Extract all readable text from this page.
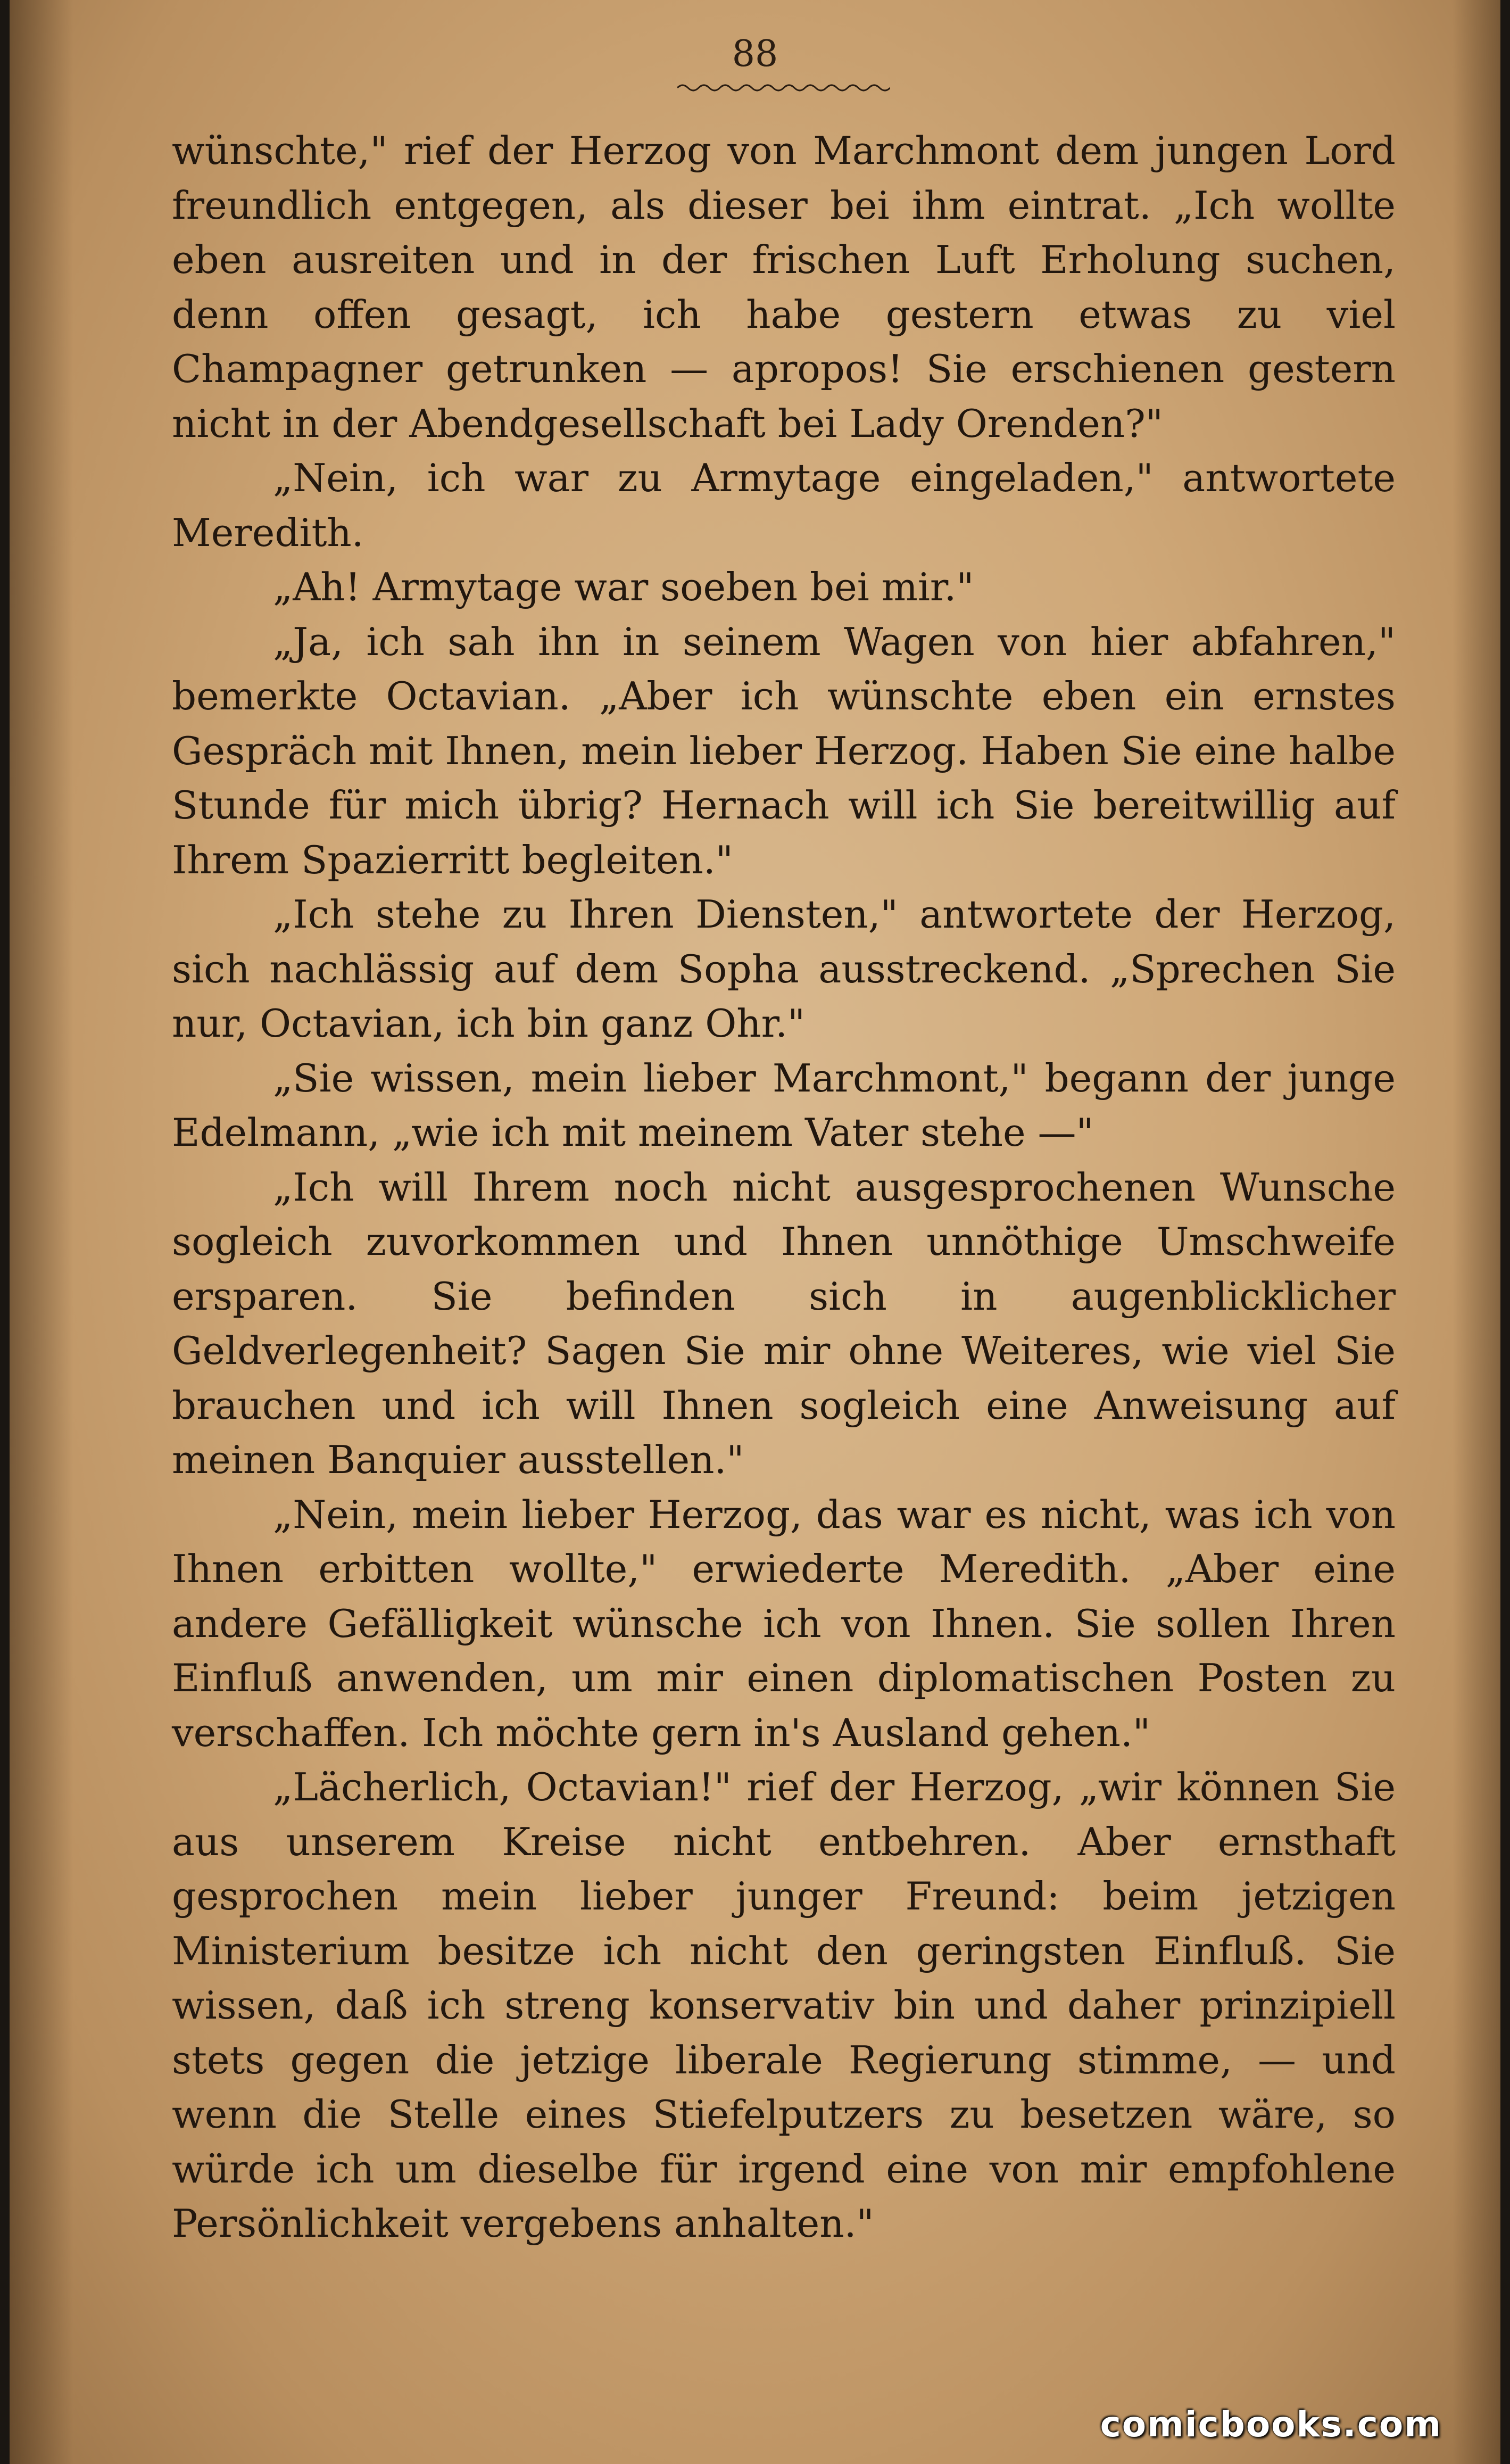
88

wünschte," rief der Herzog von Marchmont dem jungen Lord freundlich entgegen, als dieser bei ihm eintrat. „Ich wollte eben ausreiten und in der frischen Luft Erholung suchen, denn offen gesagt, ich habe gestern etwas zu viel Champagner getrunken — apropos! Sie erschienen gestern nicht in der Abendgesellschaft bei Lady Orenden?"

„Nein, ich war zu Armytage eingeladen," antwortete Meredith.

„Ah! Armytage war soeben bei mir."

„Ja, ich sah ihn in seinem Wagen von hier abfahren," bemerkte Octavian. „Aber ich wünschte eben ein ernstes Gespräch mit Ihnen, mein lieber Herzog. Haben Sie eine halbe Stunde für mich übrig? Hernach will ich Sie bereitwillig auf Ihrem Spazierritt begleiten."

„Ich stehe zu Ihren Diensten," antwortete der Herzog, sich nachlässig auf dem Sopha ausstreckend. „Sprechen Sie nur, Octavian, ich bin ganz Ohr."

„Sie wissen, mein lieber Marchmont," begann der junge Edelmann, „wie ich mit meinem Vater stehe —"

„Ich will Ihrem noch nicht ausgesprochenen Wunsche sogleich zuvorkommen und Ihnen unnöthige Umschweife ersparen. Sie befinden sich in augenblicklicher Geldverlegenheit? Sagen Sie mir ohne Weiteres, wie viel Sie brauchen und ich will Ihnen sogleich eine Anweisung auf meinen Banquier ausstellen."

„Nein, mein lieber Herzog, das war es nicht, was ich von Ihnen erbitten wollte," erwiederte Meredith. „Aber eine andere Gefälligkeit wünsche ich von Ihnen. Sie sollen Ihren Einfluß anwenden, um mir einen diplomatischen Posten zu verschaffen. Ich möchte gern in's Ausland gehen."

„Lächerlich, Octavian!" rief der Herzog, „wir können Sie aus unserem Kreise nicht entbehren. Aber ernsthaft gesprochen mein lieber junger Freund: beim jetzigen Ministerium besitze ich nicht den geringsten Einfluß. Sie wissen, daß ich streng konservativ bin und daher prinzipiell stets gegen die jetzige liberale Regierung stimme, — und wenn die Stelle eines Stiefelputzers zu besetzen wäre, so würde ich um dieselbe für irgend eine von mir empfohlene Persönlichkeit vergebens anhalten."

comicbooks.com
